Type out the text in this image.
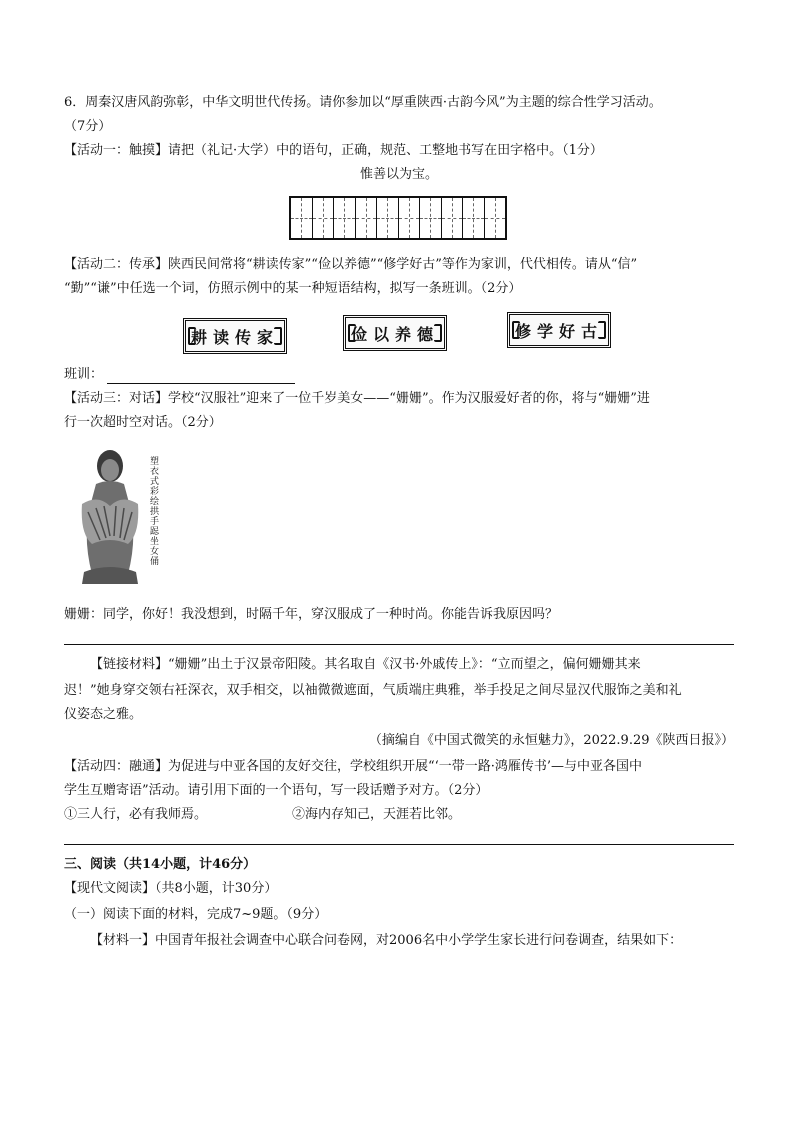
6．周秦汉唐风韵弥彰，中华文明世代传扬。请你参加以“厚重陕西·古韵今风”为主题的综合性学习活动。
（7分）
【活动一：触摸】请把（礼记·大学）中的语句，正确，规范、工整地书写在田字格中。（1分）
惟善以为宝。
【活动二：传承】陕西民间常将“耕读传家”“俭以养德”“修学好古”等作为家训，代代相传。请从“信”
“勤”“谦”中任选一个词，仿照示例中的某一种短语结构，拟写一条班训。（2分）
耕读传家	俭以养德	修学好古
班训：
【活动三：对话】学校“汉服社”迎来了一位千岁美女——“姗姗”。作为汉服爱好者的你，将与“姗姗”进
行一次超时空对话。（2分）
塑衣式彩绘拱手跽坐女俑
姗姗：同学，你好！我没想到，时隔千年，穿汉服成了一种时尚。你能告诉我原因吗？
【链接材料】“姗姗”出土于汉景帝阳陵。其名取自《汉书·外戚传上》：“立而望之，偏何姗姗其来
迟！”她身穿交领右衽深衣，双手相交，以袖微微遮面，气质端庄典雅，举手投足之间尽显汉代服饰之美和礼
仪姿态之雅。
（摘编自《中国式微笑的永恒魅力》，2022.9.29《陕西日报》）
【活动四：融通】为促进与中亚各国的友好交往，学校组织开展“‘一带一路·鸿雁传书’—与中亚各国中
学生互赠寄语”活动。请引用下面的一个语句，写一段话赠予对方。（2分）
①三人行，必有我师焉。	②海内存知己，天涯若比邻。
三、阅读（共14小题，计46分）
【现代文阅读】（共8小题，计30分）
（一）阅读下面的材料，完成7~9题。（9分）
【材料一】中国青年报社会调查中心联合问卷网，对2006名中小学学生家长进行问卷调查，结果如下：
